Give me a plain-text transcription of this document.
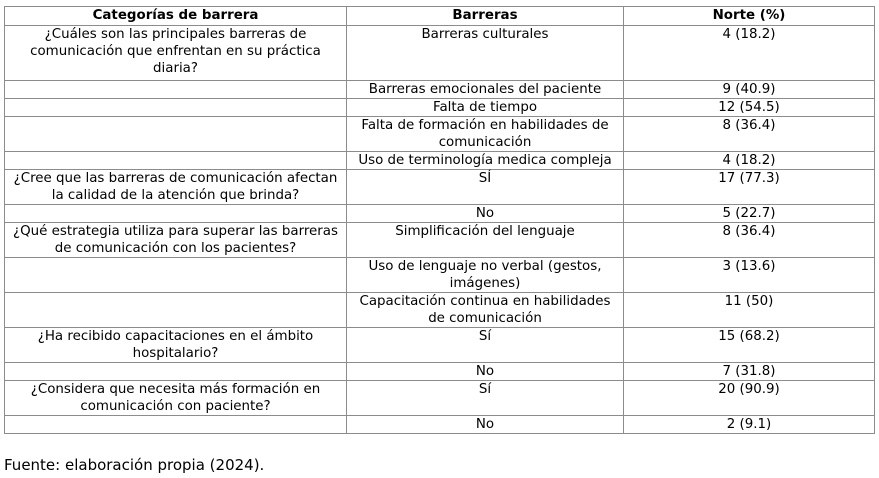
Categorías de barrera	Barreras	Norte (%)
¿Cuáles son las principales barreras de comunicación que enfrentan en su práctica diaria?	Barreras culturales	4 (18.2)
	Barreras emocionales del paciente	9 (40.9)
	Falta de tiempo	12 (54.5)
	Falta de formación en habilidades de comunicación	8 (36.4)
	Uso de terminología medica compleja	4 (18.2)
¿Cree que las barreras de comunicación afectan la calidad de la atención que brinda?	SÍ	17 (77.3)
	No	5 (22.7)
¿Qué estrategia utiliza para superar las barreras de comunicación con los pacientes?	Simplificación del lenguaje	8 (36.4)
	Uso de lenguaje no verbal (gestos, imágenes)	3 (13.6)
	Capacitación continua en habilidades de comunicación	11 (50)
¿Ha recibido capacitaciones en el ámbito hospitalario?	Sí	15 (68.2)
	No	7 (31.8)
¿Considera que necesita más formación en comunicación con paciente?	Sí	20 (90.9)
	No	2 (9.1)
Fuente: elaboración propia (2024).
